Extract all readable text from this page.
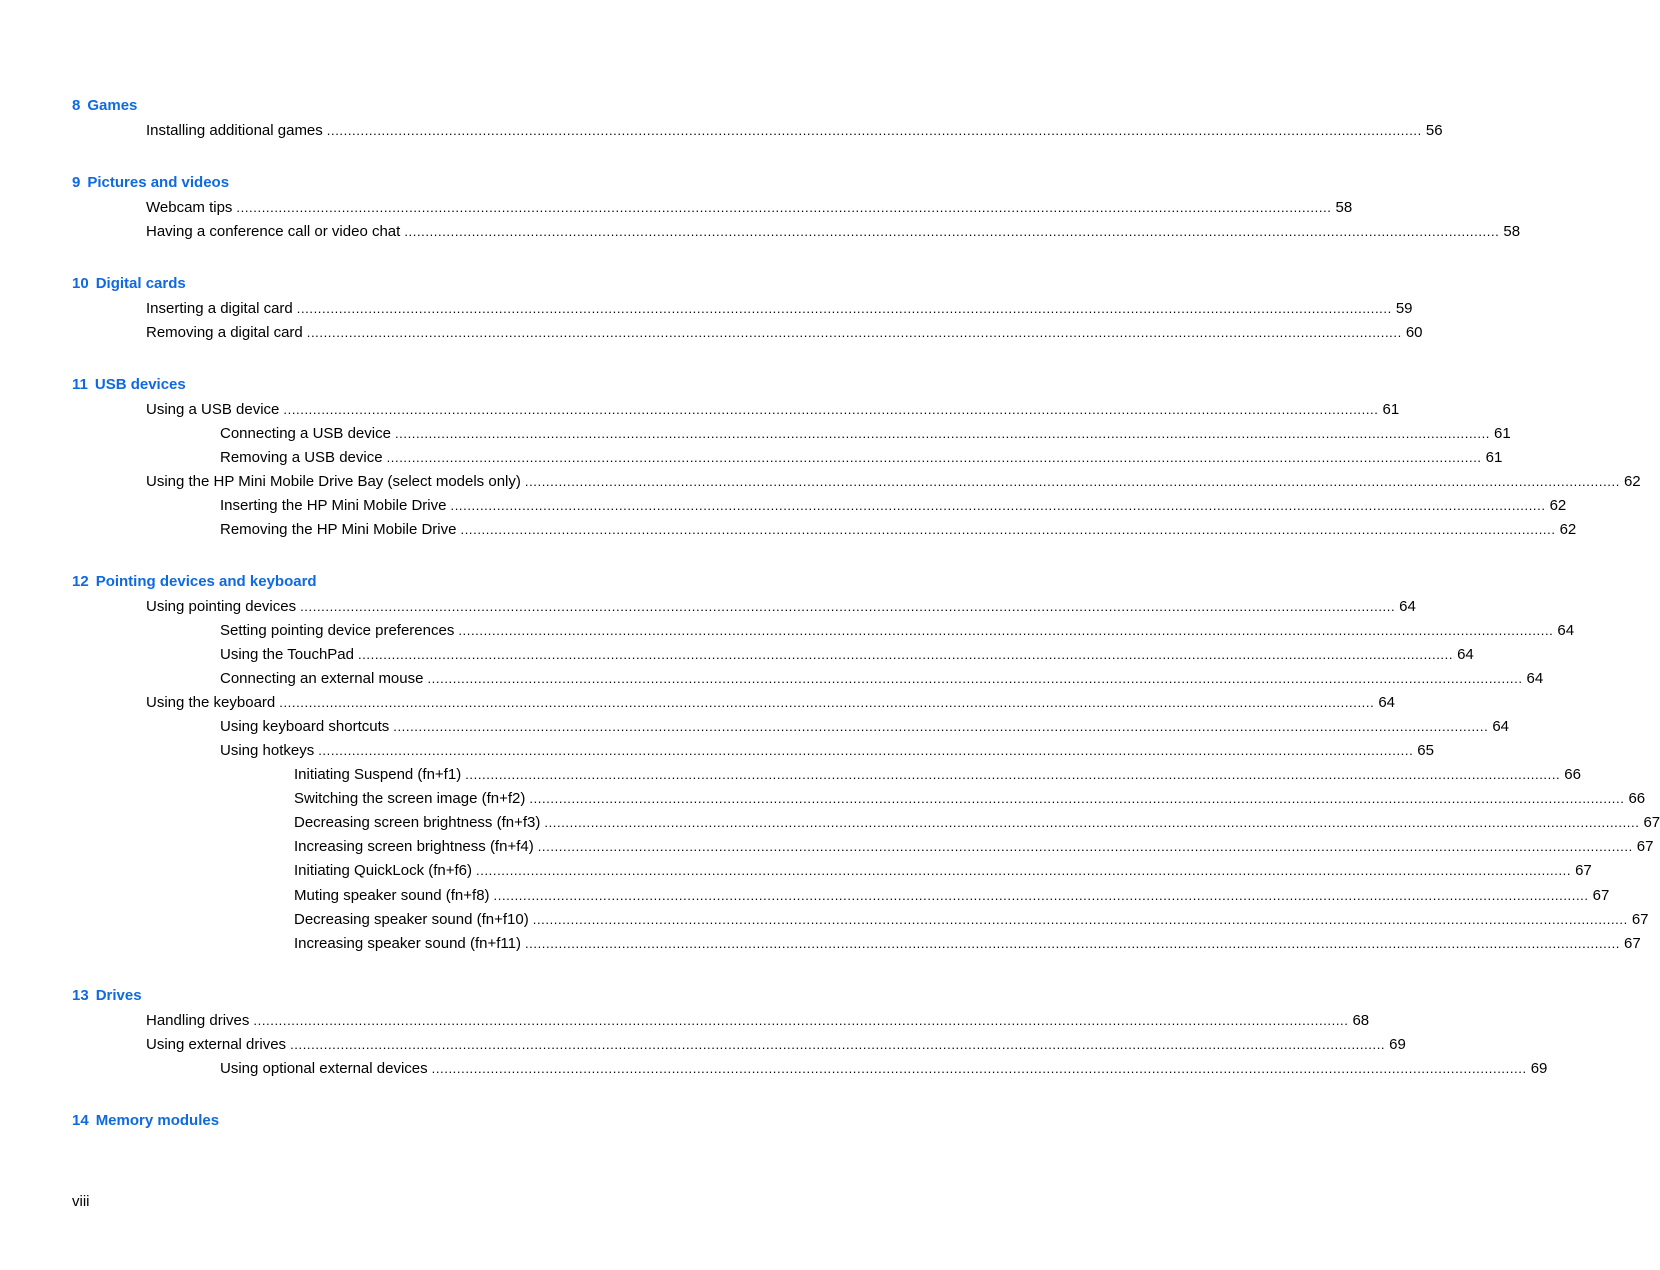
8 Games
Installing additional games .................................................................................................................................................................................................................................................................... 56
9 Pictures and videos
Webcam tips .................................................................................................................................................................................................................................................................... 58
Having a conference call or video chat .................................................................................................................................................................................................................................................................... 58
10 Digital cards
Inserting a digital card .................................................................................................................................................................................................................................................................... 59
Removing a digital card .................................................................................................................................................................................................................................................................... 60
11 USB devices
Using a USB device .................................................................................................................................................................................................................................................................... 61
Connecting a USB device .................................................................................................................................................................................................................................................................... 61
Removing a USB device .................................................................................................................................................................................................................................................................... 61
Using the HP Mini Mobile Drive Bay (select models only) .................................................................................................................................................................................................................................................................... 62
Inserting the HP Mini Mobile Drive .................................................................................................................................................................................................................................................................... 62
Removing the HP Mini Mobile Drive .................................................................................................................................................................................................................................................................... 62
12 Pointing devices and keyboard
Using pointing devices .................................................................................................................................................................................................................................................................... 64
Setting pointing device preferences .................................................................................................................................................................................................................................................................... 64
Using the TouchPad .................................................................................................................................................................................................................................................................... 64
Connecting an external mouse .................................................................................................................................................................................................................................................................... 64
Using the keyboard .................................................................................................................................................................................................................................................................... 64
Using keyboard shortcuts .................................................................................................................................................................................................................................................................... 64
Using hotkeys .................................................................................................................................................................................................................................................................... 65
Initiating Suspend (fn+f1) .................................................................................................................................................................................................................................................................... 66
Switching the screen image (fn+f2) .................................................................................................................................................................................................................................................................... 66
Decreasing screen brightness (fn+f3) .................................................................................................................................................................................................................................................................... 67
Increasing screen brightness (fn+f4) .................................................................................................................................................................................................................................................................... 67
Initiating QuickLock (fn+f6) .................................................................................................................................................................................................................................................................... 67
Muting speaker sound (fn+f8) .................................................................................................................................................................................................................................................................... 67
Decreasing speaker sound (fn+f10) .................................................................................................................................................................................................................................................................... 67
Increasing speaker sound (fn+f11) .................................................................................................................................................................................................................................................................... 67
13 Drives
Handling drives .................................................................................................................................................................................................................................................................... 68
Using external drives .................................................................................................................................................................................................................................................................... 69
Using optional external devices .................................................................................................................................................................................................................................................................... 69
14 Memory modules
viii
